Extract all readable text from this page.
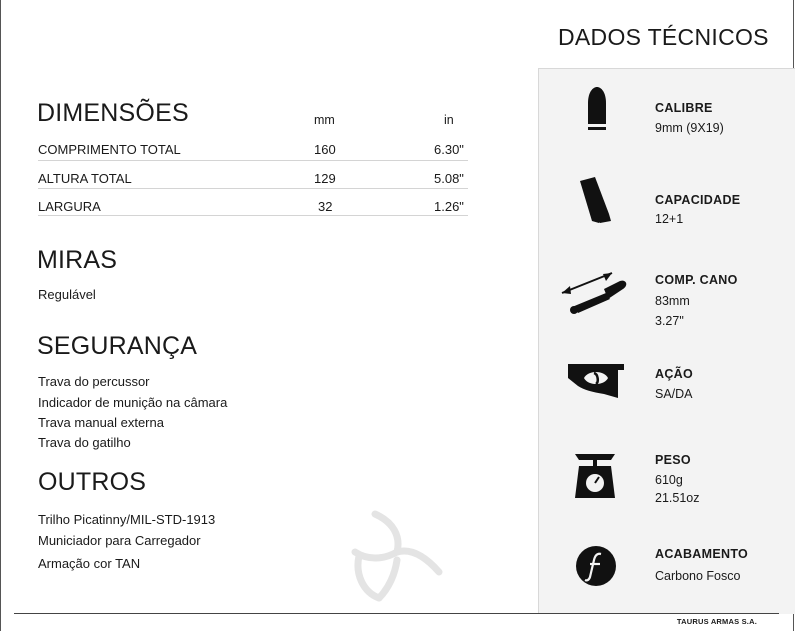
DADOS TÉCNICOS
DIMENSÕES	mm	in
COMPRIMENTO TOTAL	160	6.30"
ALTURA TOTAL	129	5.08"
LARGURA	32	1.26"
MIRAS
Regulável
SEGURANÇA
Trava do percussor
Indicador de munição na câmara
Trava manual externa
Trava do gatilho
OUTROS
Trilho Picatinny/MIL-STD-1913
Municiador para Carregador
Armação cor TAN
CALIBRE
9mm (9X19)
CAPACIDADE
12+1
COMP. CANO
83mm
3.27"
AÇÃO
SA/DA
PESO
610g
21.51oz
ACABAMENTO
Carbono Fosco
TAURUS ARMAS S.A.
